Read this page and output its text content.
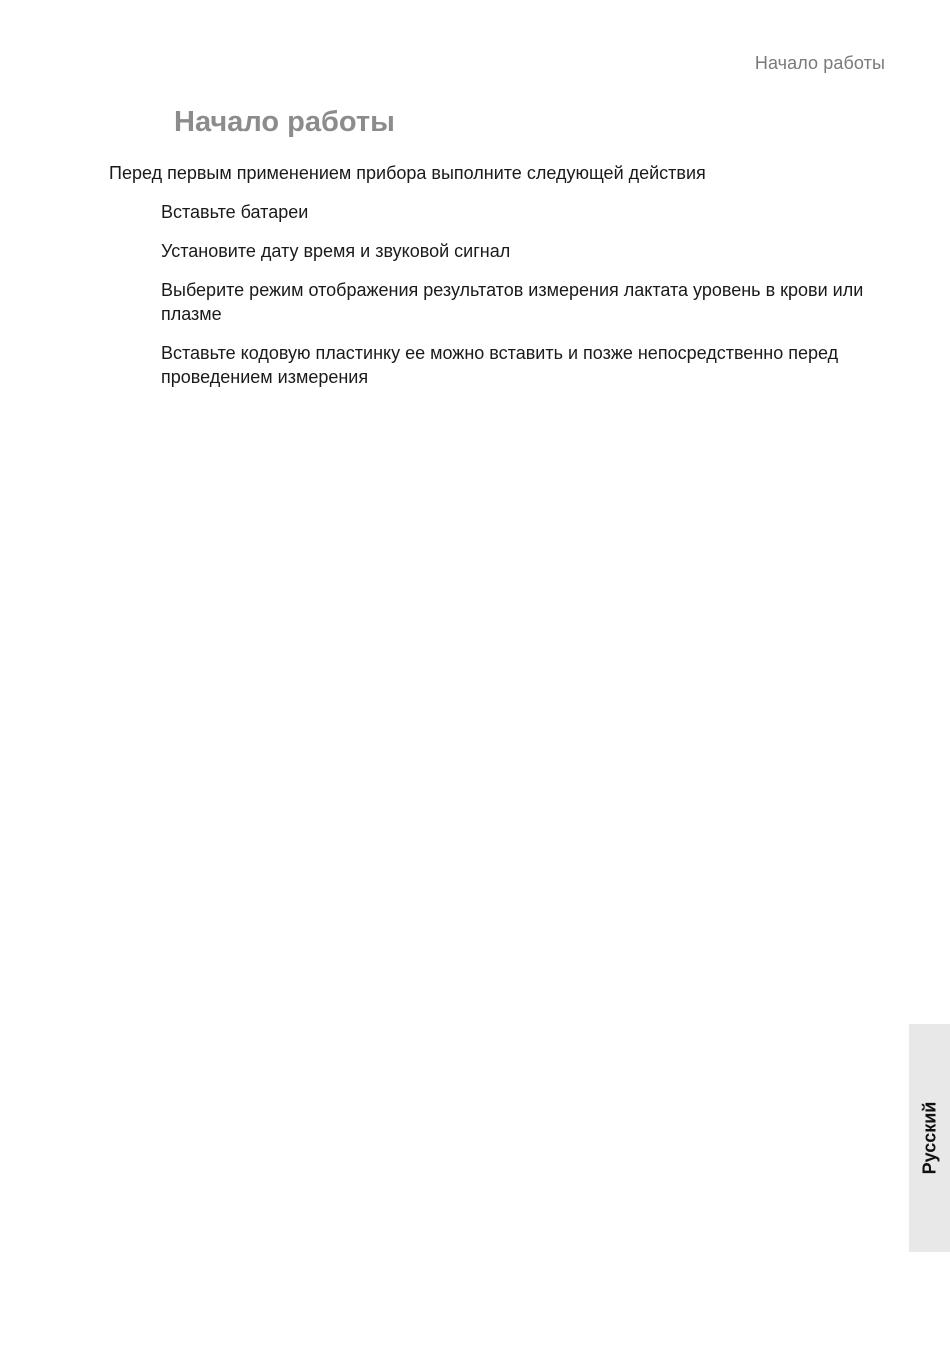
Начало работы
Начало работы

Перед первым применением прибора выполните следующей действия

Вставьте батареи
Установите дату время и звуковой сигнал
Выберите режим отображения результатов измерения лактата уровень в крови или плазме
Вставьте кодовую пластинку ее можно вставить и позже непосредственно перед проведением измерения
Русский
